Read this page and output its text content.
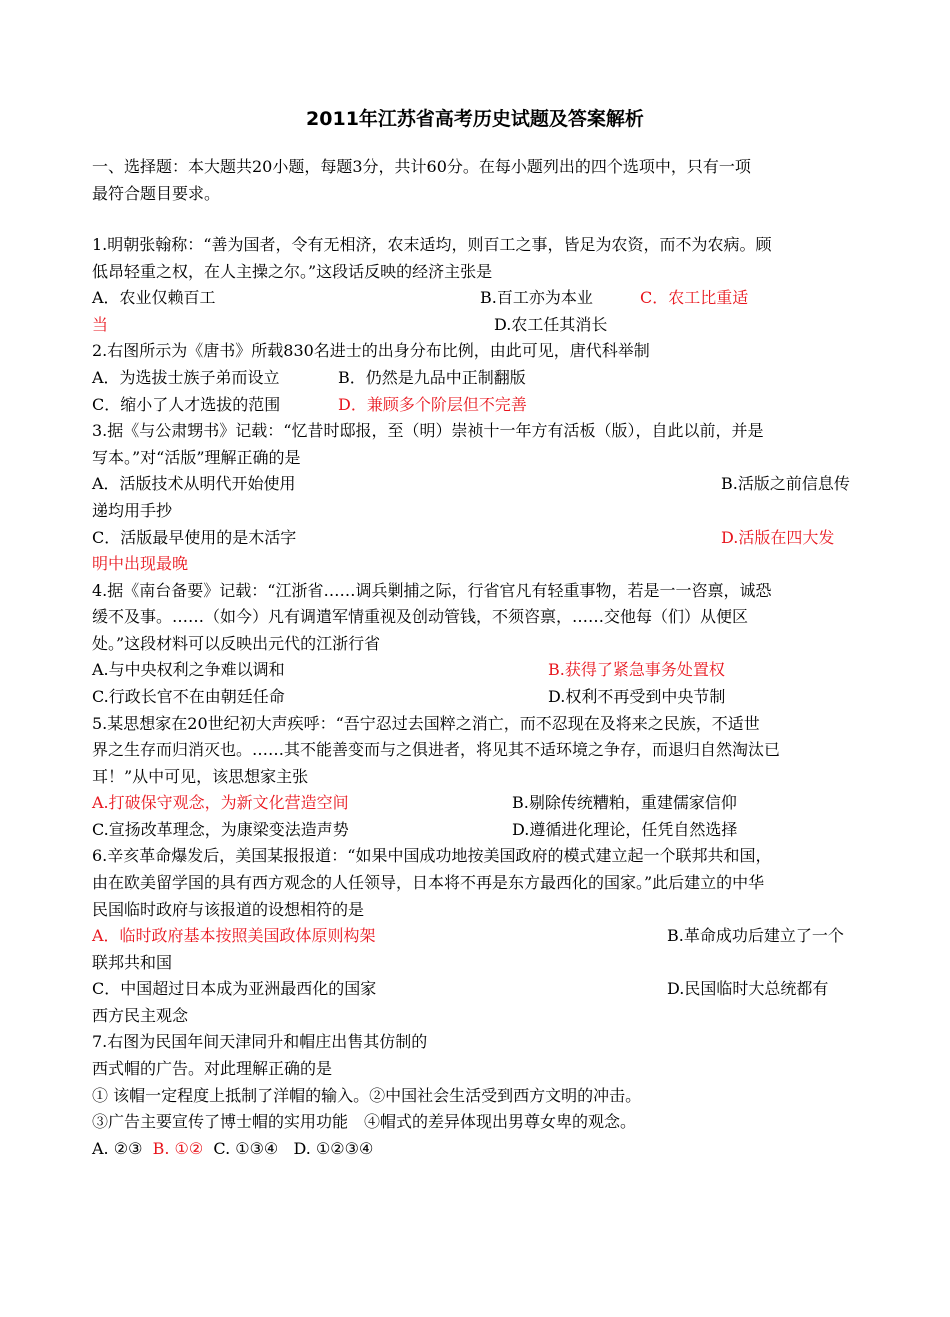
2011年江苏省高考历史试题及答案解析
一、选择题：本大题共20小题，每题3分，共计60分。在每小题列出的四个选项中，只有一项
最符合题目要求。
1.明朝张翰称：“善为国者，令有无相济，农末适均，则百工之事，皆足为农资，而不为农病。顾
低昂轻重之权，在人主操之尔。”这段话反映的经济主张是
A．农业仅赖百工	B.百工亦为本业	C．农工比重适
当	D.农工任其消长
2.右图所示为《唐书》所载830名进士的出身分布比例，由此可见，唐代科举制
A．为选拔士族子弟而设立	B．仍然是九品中正制翻版
C．缩小了人才选拔的范围	D．兼顾多个阶层但不完善
3.据《与公肃甥书》记载：“忆昔时邸报，至（明）崇祯十一年方有活板（版），自此以前，并是
写本。”对“活版”理解正确的是
A．活版技术从明代开始使用	B.活版之前信息传
递均用手抄
C．活版最早使用的是木活字	D.活版在四大发
明中出现最晚
4.据《南台备要》记载：“江浙省……调兵剿捕之际，行省官凡有轻重事物，若是一一咨禀，诚恐
缓不及事。……（如今）凡有调遣军情重视及创动管钱，不须咨禀，……交他每（们）从便区
处。”这段材料可以反映出元代的江浙行省
A.与中央权利之争难以调和	B.获得了紧急事务处置权
C.行政长官不在由朝廷任命	D.权利不再受到中央节制
5.某思想家在20世纪初大声疾呼：“吾宁忍过去国粹之消亡，而不忍现在及将来之民族，不适世
界之生存而归消灭也。……其不能善变而与之俱进者，将见其不适环境之争存，而退归自然淘汰已
耳！”从中可见，该思想家主张
A.打破保守观念，为新文化营造空间	B.剔除传统糟粕，重建儒家信仰
C.宣扬改革理念，为康梁变法造声势	D.遵循进化理论，任凭自然选择
6.辛亥革命爆发后，美国某报报道：“如果中国成功地按美国政府的模式建立起一个联邦共和国，
由在欧美留学国的具有西方观念的人任领导，日本将不再是东方最西化的国家。”此后建立的中华
民国临时政府与该报道的设想相符的是
A．临时政府基本按照美国政体原则构架	B.革命成功后建立了一个
联邦共和国
C．中国超过日本成为亚洲最西化的国家	D.民国临时大总统都有
西方民主观念
7.右图为民国年间天津同升和帽庄出售其仿制的
西式帽的广告。对此理解正确的是
① 该帽一定程度上抵制了洋帽的输入。②中国社会生活受到西方文明的冲击。
③广告主要宣传了博士帽的实用功能　④帽式的差异体现出男尊女卑的观念。
A. ②③ B. ①② C. ①③④ D. ①②③④
